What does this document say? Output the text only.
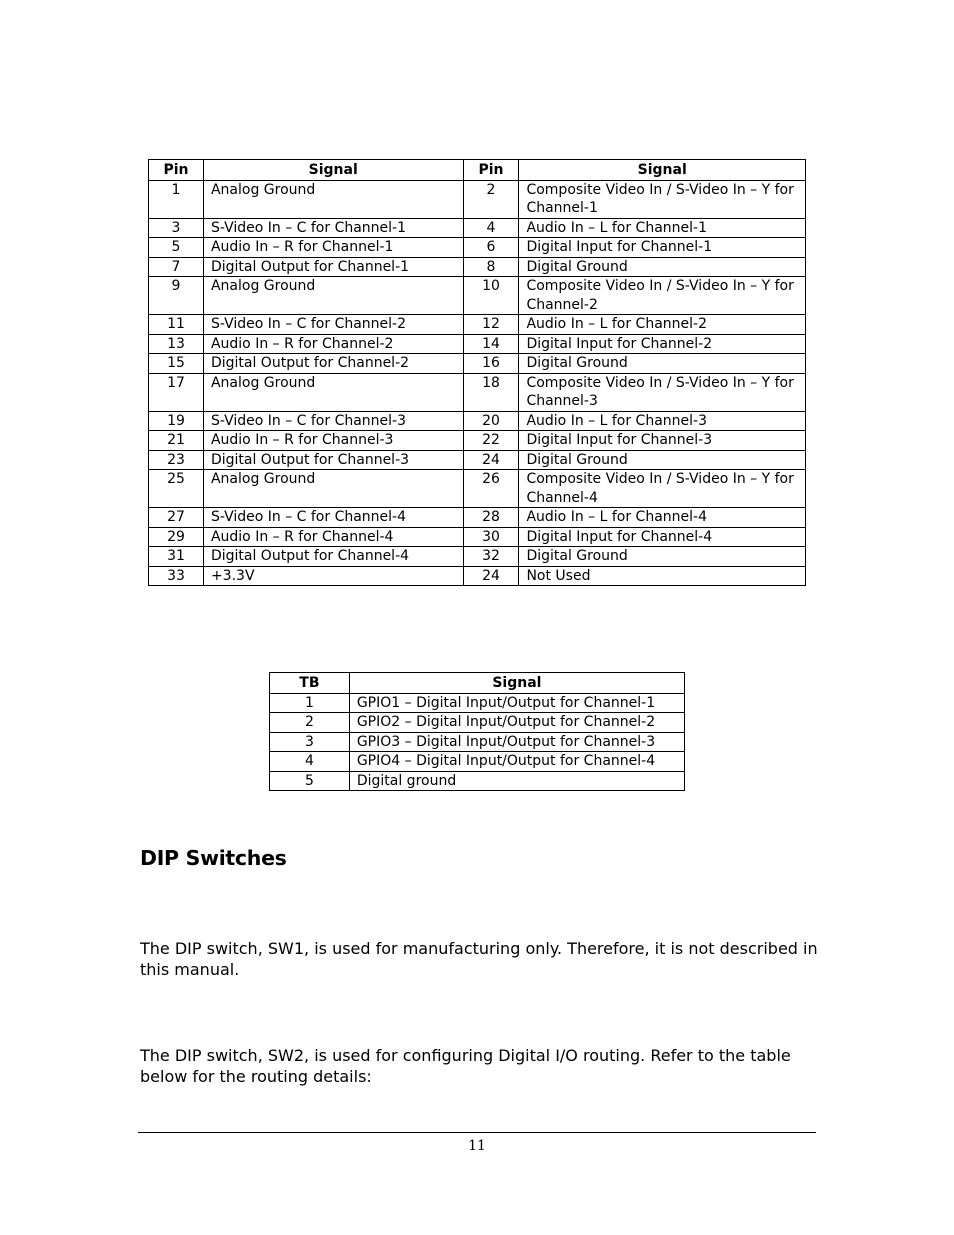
Pin	Signal	Pin	Signal
1	Analog Ground	2	Composite Video In / S-Video In – Y for Channel-1
3	S-Video In – C for Channel-1	4	Audio In – L for Channel-1
5	Audio In – R for Channel-1	6	Digital Input for Channel-1
7	Digital Output for Channel-1	8	Digital Ground
9	Analog Ground	10	Composite Video In / S-Video In – Y for Channel-2
11	S-Video In – C for Channel-2	12	Audio In – L for Channel-2
13	Audio In – R for Channel-2	14	Digital Input for Channel-2
15	Digital Output for Channel-2	16	Digital Ground
17	Analog Ground	18	Composite Video In / S-Video In – Y for Channel-3
19	S-Video In – C for Channel-3	20	Audio In – L for Channel-3
21	Audio In – R for Channel-3	22	Digital Input for Channel-3
23	Digital Output for Channel-3	24	Digital Ground
25	Analog Ground	26	Composite Video In / S-Video In – Y for Channel-4
27	S-Video In – C for Channel-4	28	Audio In – L for Channel-4
29	Audio In – R for Channel-4	30	Digital Input for Channel-4
31	Digital Output for Channel-4	32	Digital Ground
33	+3.3V	24	Not Used
TB	Signal
1	GPIO1 – Digital Input/Output for Channel-1
2	GPIO2 – Digital Input/Output for Channel-2
3	GPIO3 – Digital Input/Output for Channel-3
4	GPIO4 – Digital Input/Output for Channel-4
5	Digital ground
DIP Switches

The DIP switch, SW1, is used for manufacturing only. Therefore, it is not described in this manual.

The DIP switch, SW2, is used for configuring Digital I/O routing. Refer to the table below for the routing details:

11
